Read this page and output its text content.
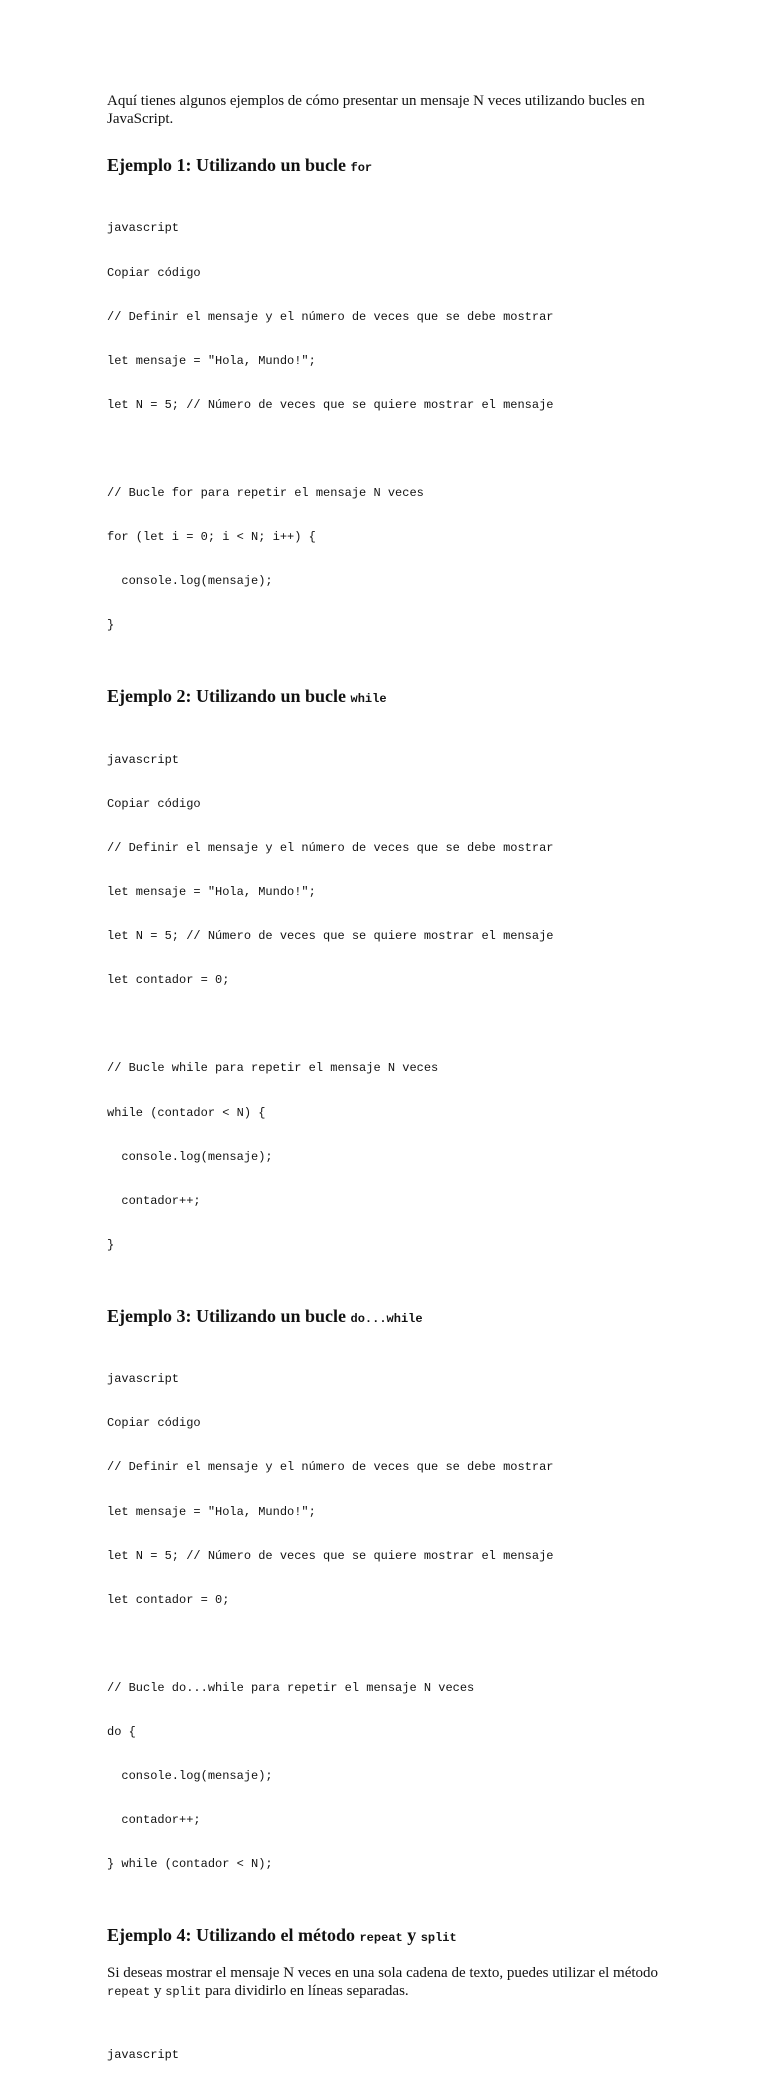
Aquí tienes algunos ejemplos de cómo presentar un mensaje N veces utilizando bucles en JavaScript.

Ejemplo 1: Utilizando un bucle for

javascript

Copiar código

// Definir el mensaje y el número de veces que se debe mostrar

let mensaje = "Hola, Mundo!";

let N = 5; // Número de veces que se quiere mostrar el mensaje

// Bucle for para repetir el mensaje N veces

for (let i = 0; i < N; i++) {

console.log(mensaje);

}

Ejemplo 2: Utilizando un bucle while

javascript

Copiar código

// Definir el mensaje y el número de veces que se debe mostrar

let mensaje = "Hola, Mundo!";

let N = 5; // Número de veces que se quiere mostrar el mensaje

let contador = 0;

// Bucle while para repetir el mensaje N veces

while (contador < N) {

console.log(mensaje);

contador++;

}

Ejemplo 3: Utilizando un bucle do...while

javascript

Copiar código

// Definir el mensaje y el número de veces que se debe mostrar

let mensaje = "Hola, Mundo!";

let N = 5; // Número de veces que se quiere mostrar el mensaje

let contador = 0;

// Bucle do...while para repetir el mensaje N veces

do {

console.log(mensaje);

contador++;

} while (contador < N);

Ejemplo 4: Utilizando el método repeat y split

Si deseas mostrar el mensaje N veces en una sola cadena de texto, puedes utilizar el método repeat y split para dividirlo en líneas separadas.

javascript
